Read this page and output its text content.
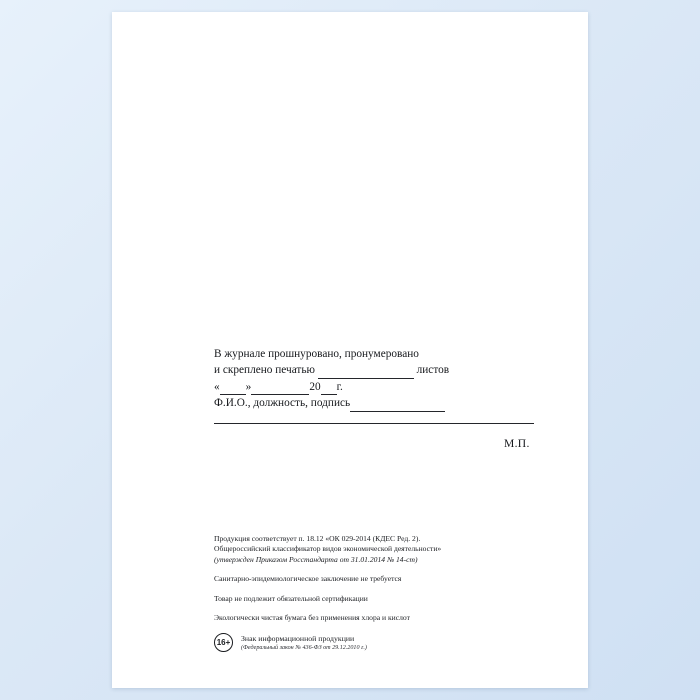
В журнале прошнуровано, пронумеровано
и скреплено печатью	листов
« »	20 г.
Ф.И.О., должность, подпись
М.П.

Продукция соответствует п. 18.12 «ОК 029-2014 (КДЕС Ред. 2).

Общероссийский классификатор видов экономической деятельности»

(утвержден Приказом Росстандарта от 31.01.2014 № 14-ст)

Санитарно-эпидемиологическое заключение не требуется

Товар не подлежит обязательной сертификации

Экологически чистая бумага без применения хлора и кислот

16+	Знак информационной продукции
(Федеральный закон № 436-ФЗ от 29.12.2010 г.)
